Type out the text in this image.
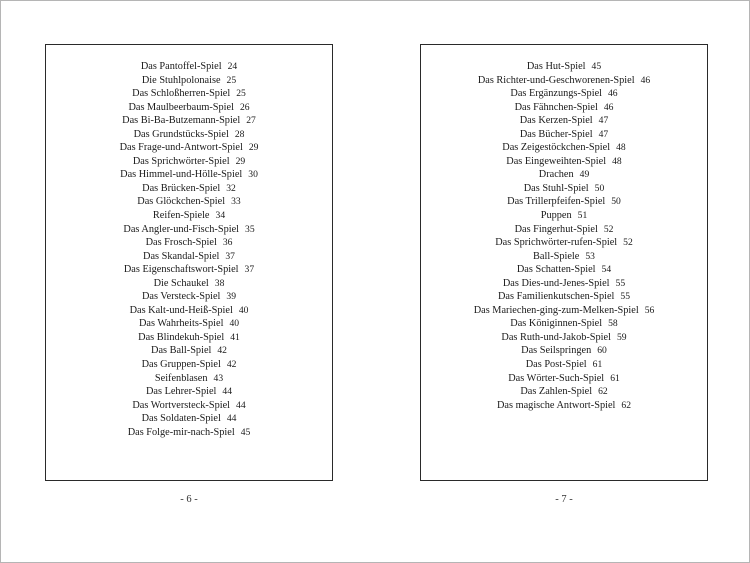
Das Pantoffel-Spiel 24
Die Stuhlpolonaise 25
Das Schloßherren-Spiel 25
Das Maulbeerbaum-Spiel 26
Das Bi-Ba-Butzemann-Spiel 27
Das Grundstücks-Spiel 28
Das Frage-und-Antwort-Spiel 29
Das Sprichwörter-Spiel 29
Das Himmel-und-Hölle-Spiel 30
Das Brücken-Spiel 32
Das Glöckchen-Spiel 33
Reifen-Spiele 34
Das Angler-und-Fisch-Spiel 35
Das Frosch-Spiel 36
Das Skandal-Spiel 37
Das Eigenschaftswort-Spiel 37
Die Schaukel 38
Das Versteck-Spiel 39
Das Kalt-und-Heiß-Spiel 40
Das Wahrheits-Spiel 40
Das Blindekuh-Spiel 41
Das Ball-Spiel 42
Das Gruppen-Spiel 42
Seifenblasen 43
Das Lehrer-Spiel 44
Das Wortversteck-Spiel 44
Das Soldaten-Spiel 44
Das Folge-mir-nach-Spiel 45
- 6 -
Das Hut-Spiel 45
Das Richter-und-Geschworenen-Spiel 46
Das Ergänzungs-Spiel 46
Das Fähnchen-Spiel 46
Das Kerzen-Spiel 47
Das Bücher-Spiel 47
Das Zeigestöckchen-Spiel 48
Das Eingeweihten-Spiel 48
Drachen 49
Das Stuhl-Spiel 50
Das Trillerpfeifen-Spiel 50
Puppen 51
Das Fingerhut-Spiel 52
Das Sprichwörter-rufen-Spiel 52
Ball-Spiele 53
Das Schatten-Spiel 54
Das Dies-und-Jenes-Spiel 55
Das Familienkutschen-Spiel 55
Das Mariechen-ging-zum-Melken-Spiel 56
Das Königinnen-Spiel 58
Das Ruth-und-Jakob-Spiel 59
Das Seilspringen 60
Das Post-Spiel 61
Das Wörter-Such-Spiel 61
Das Zahlen-Spiel 62
Das magische Antwort-Spiel 62
- 7 -
